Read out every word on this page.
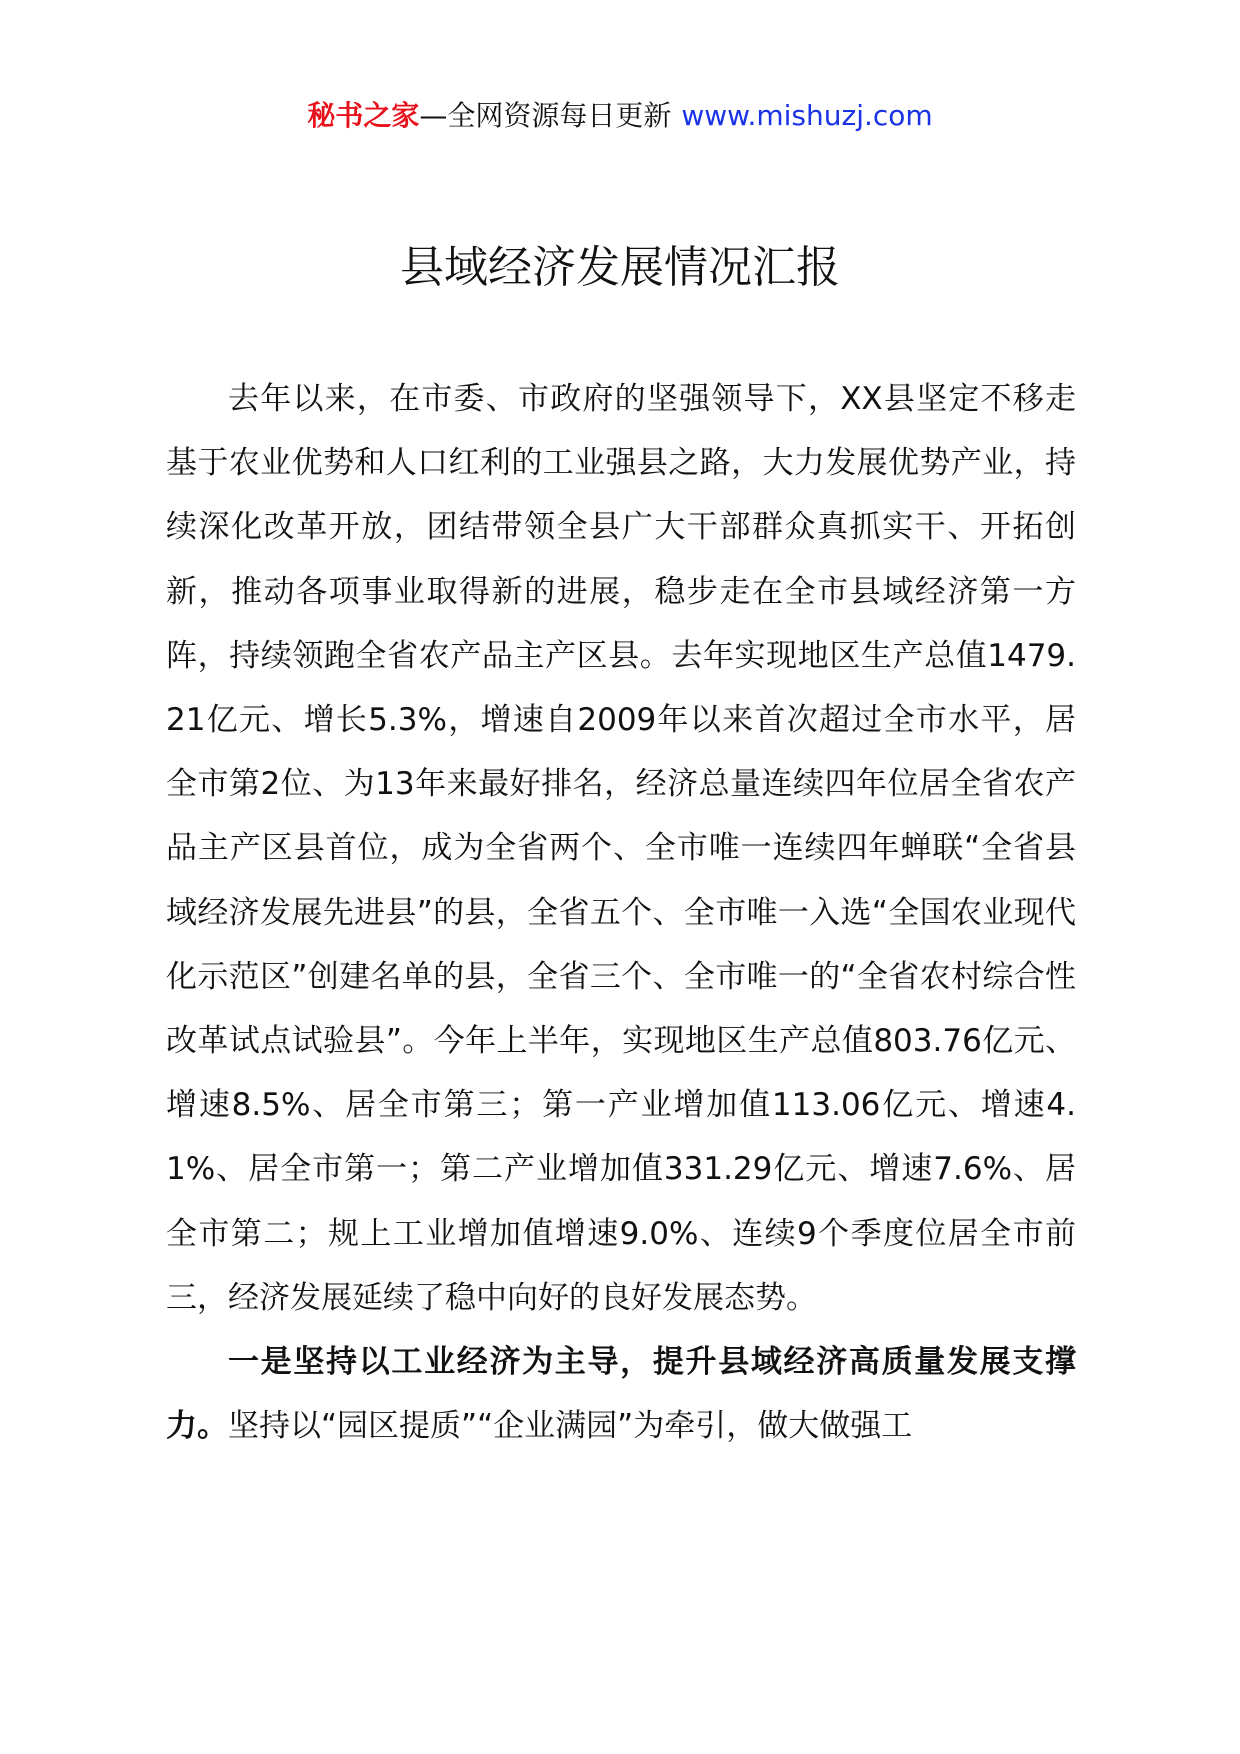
秘书之家—全网资源每日更新 www.mishuzj.com
县域经济发展情况汇报

去年以来，在市委、市政府的坚强领导下，XX县坚定不移走基于农业优势和人口红利的工业强县之路，大力发展优势产业，持续深化改革开放，团结带领全县广大干部群众真抓实干、开拓创新，推动各项事业取得新的进展，稳步走在全市县域经济第一方阵，持续领跑全省农产品主产区县。去年实现地区生产总值1479.21亿元、增长5.3%，增速自2009年以来首次超过全市水平，居全市第2位、为13年来最好排名，经济总量连续四年位居全省农产品主产区县首位，成为全省两个、全市唯一连续四年蝉联“全省县域经济发展先进县”的县，全省五个、全市唯一入选“全国农业现代化示范区”创建名单的县，全省三个、全市唯一的“全省农村综合性改革试点试验县”。今年上半年，实现地区生产总值803.76亿元、增速8.5%、居全市第三；第一产业增加值113.06亿元、增速4.1%、居全市第一；第二产业增加值331.29亿元、增速7.6%、居全市第二；规上工业增加值增速9.0%、连续9个季度位居全市前三，经济发展延续了稳中向好的良好发展态势。

一是坚持以工业经济为主导，提升县域经济高质量发展支撑力。坚持以“园区提质”“企业满园”为牵引，做大做强工
